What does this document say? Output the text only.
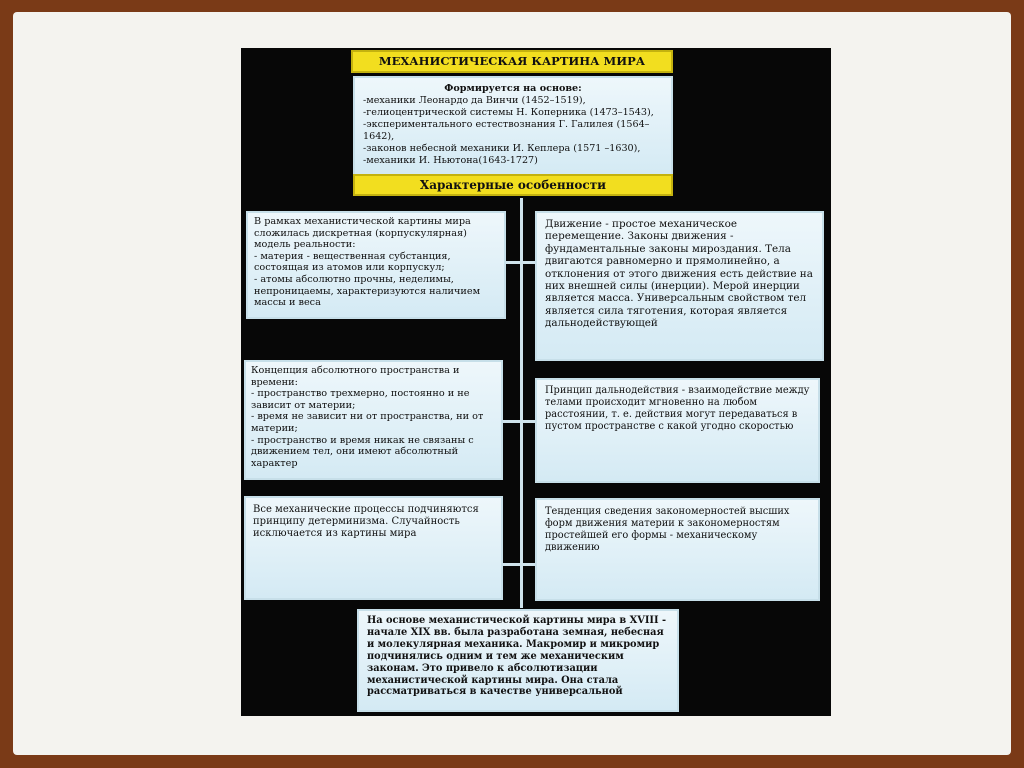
МЕХАНИСТИЧЕСКАЯ КАРТИНА МИРА
Формируется на основе:
-механики Леонардо да Винчи (1452–1519),
-гелиоцентрической системы Н. Коперника (1473–1543),
-экспериментального естествознания Г. Галилея (1564–1642),
-законов небесной механики И. Кеплера (1571 –1630),
-механики И. Ньютона(1643-1727)
Характерные особенности
В рамках механистической картины мира сложилась дискретная (корпускулярная) модель реальности:
- материя - вещественная субстанция, состоящая из атомов или корпускул;
- атомы абсолютно прочны, неделимы, непроницаемы, характеризуются наличием массы и веса
Концепция абсолютного пространства и времени:
- пространство трехмерно, постоянно и не зависит от материи;
- время не зависит ни от пространства, ни от материи;
- пространство и время никак не связаны с движением тел, они имеют абсолютный характер
Все механические процессы подчиняются принципу детерминизма. Случайность исключается из картины мира
Движение - простое механическое перемещение. Законы движения - фундаментальные законы мироздания. Тела двигаются равномерно и прямолинейно, а отклонения от этого движения есть действие на них внешней силы (инерции). Мерой инерции является масса. Универсальным свойством тел является сила тяготения, которая является дальнодействующей
Принцип дальнодействия - взаимодействие между телами происходит мгновенно на любом расстоянии, т. е. действия могут передаваться в пустом пространстве с какой угодно скоростью
Тенденция сведения закономерностей высших форм движения материи к закономерностям простейшей его формы - механическому движению
На основе механистической картины мира в XVIII - начале XIX вв. была разработана земная, небесная и молекулярная механика. Макромир и микромир подчинялись одним и тем же механическим законам. Это привело к абсолютизации механистической картины мира. Она стала рассматриваться в качестве универсальной
